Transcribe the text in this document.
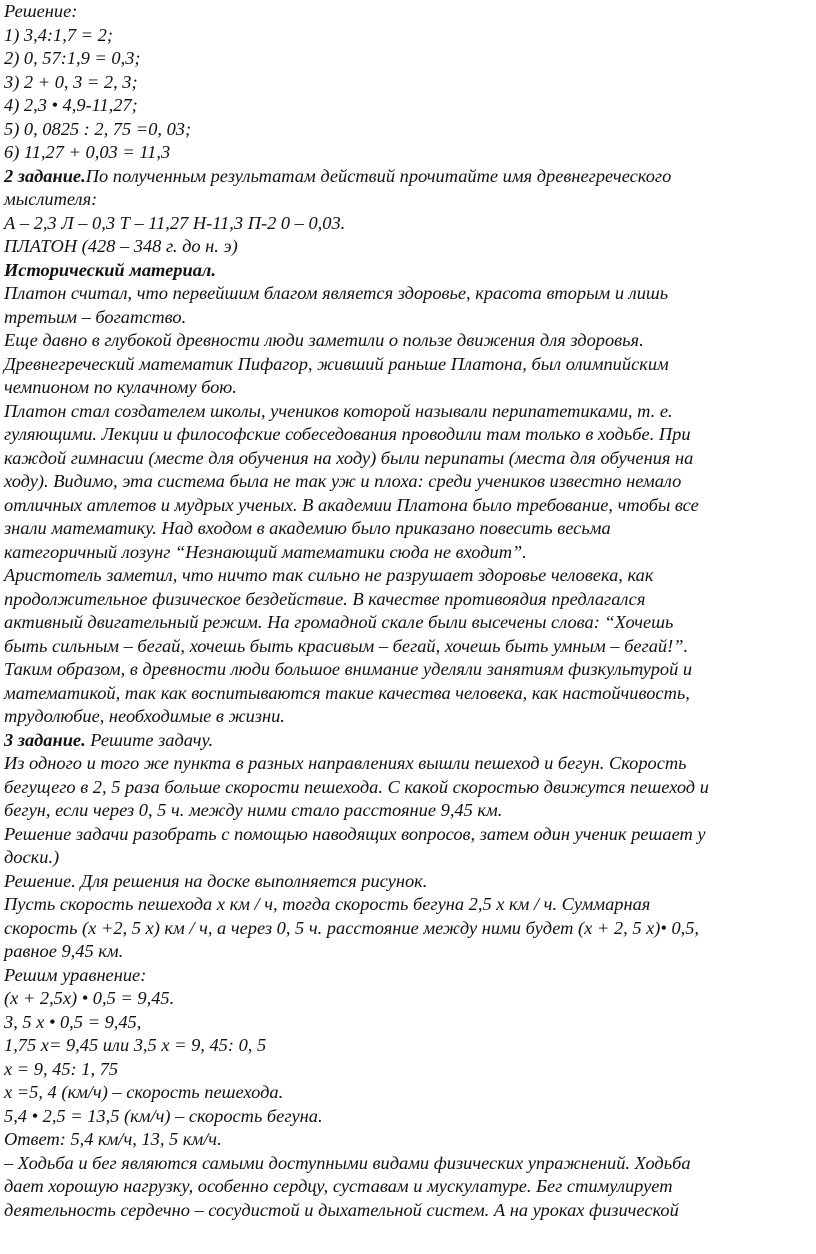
Решение:
1) 3,4:1,7 = 2;
2) 0, 57:1,9 = 0,3;
3) 2 + 0, 3 = 2, 3;
4) 2,3 • 4,9-11,27;
5) 0, 0825 : 2, 75 =0, 03;
6) 11,27 + 0,03 = 11,3
2 задание.По полученным результатам действий прочитайте имя древнегреческого
мыслителя:
А – 2,3 Л – 0,3 Т – 11,27 Н-11,3 П-2 0 – 0,03.
ПЛАТОН (428 – 348 г. до н. э)
Исторический материал.
Платон считал, что первейшим благом является здоровье, красота вторым и лишь
третьим – богатство.
Еще давно в глубокой древности люди заметили о пользе движения для здоровья.
Древнегреческий математик Пифагор, живший раньше Платона, был олимпийским
чемпионом по кулачному бою.
Платон стал создателем школы, учеников которой называли перипатетиками, т. е.
гуляющими. Лекции и философские собеседования проводили там только в ходьбе. При
каждой гимнасии (месте для обучения на ходу) были перипаты (места для обучения на
ходу). Видимо, эта система была не так уж и плоха: среди учеников известно немало
отличных атлетов и мудрых ученых. В академии Платона было требование, чтобы все
знали математику. Над входом в академию было приказано повесить весьма
категоричный лозунг “Незнающий математики сюда не входит”.
Аристотель заметил, что ничто так сильно не разрушает здоровье человека, как
продолжительное физическое бездействие. В качестве противоядия предлагался
активный двигательный режим. На громадной скале были высечены слова: “Хочешь
быть сильным – бегай, хочешь быть красивым – бегай, хочешь быть умным – бегай!”.
Таким образом, в древности люди большое внимание уделяли занятиям физкультурой и
математикой, так как воспитываются такие качества человека, как настойчивость,
трудолюбие, необходимые в жизни.
3 задание. Решите задачу.
Из одного и того же пункта в разных направлениях вышли пешеход и бегун. Скорость
бегущего в 2, 5 раза больше скорости пешехода. С какой скоростью движутся пешеход и
бегун, если через 0, 5 ч. между ними стало расстояние 9,45 км.
Решение задачи разобрать с помощью наводящих вопросов, затем один ученик решает у
доски.)
Решение. Для решения на доске выполняется рисунок.
Пусть скорость пешехода х км / ч, тогда скорость бегуна 2,5 х км / ч. Суммарная
скорость (х +2, 5 х) км / ч, а через 0, 5 ч. расстояние между ними будет (х + 2, 5 х)• 0,5,
равное 9,45 км.
Решим уравнение:
(х + 2,5х) • 0,5 = 9,45.
3, 5 х • 0,5 = 9,45,
1,75 х= 9,45 или 3,5 х = 9, 45: 0, 5
х = 9, 45: 1, 75
х =5, 4 (км/ч) – скорость пешехода.
5,4 • 2,5 = 13,5 (км/ч) – скорость бегуна.
Ответ: 5,4 км/ч, 13, 5 км/ч.
– Ходьба и бег являются самыми доступными видами физических упражнений. Ходьба
дает хорошую нагрузку, особенно сердцу, суставам и мускулатуре. Бег стимулирует
деятельность сердечно – сосудистой и дыхательной систем. А на уроках физической
